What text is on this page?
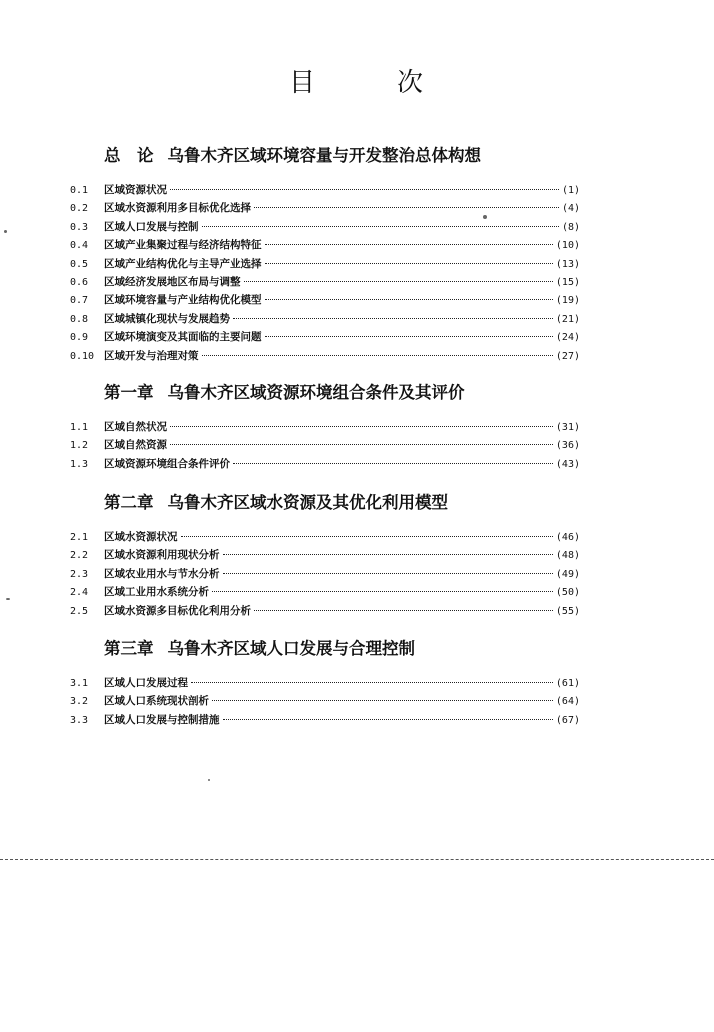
目	次
总　论 乌鲁木齐区域环境容量与开发整治总体构想
0.1	区域资源状况	(1)
0.2	区域水资源利用多目标优化选择	(4)
0.3	区域人口发展与控制	(8)
0.4	区域产业集聚过程与经济结构特征	(10)
0.5	区域产业结构优化与主导产业选择	(13)
0.6	区域经济发展地区布局与调整	(15)
0.7	区域环境容量与产业结构优化模型	(19)
0.8	区域城镇化现状与发展趋势	(21)
0.9	区域环境演变及其面临的主要问题	(24)
0.10 区域开发与治理对策	(27)
第一章 乌鲁木齐区域资源环境组合条件及其评价
1.1	区域自然状况	(31)
1.2	区域自然资源	(36)
1.3	区域资源环境组合条件评价	(43)
第二章 乌鲁木齐区域水资源及其优化利用模型
2.1	区域水资源状况	(46)
2.2	区域水资源利用现状分析	(48)
2.3	区域农业用水与节水分析	(49)
2.4	区域工业用水系统分析	(50)
2.5	区域水资源多目标优化利用分析	(55)
第三章 乌鲁木齐区域人口发展与合理控制
3.1	区域人口发展过程	(61)
3.2	区域人口系统现状剖析	(64)
3.3	区域人口发展与控制措施	(67)
